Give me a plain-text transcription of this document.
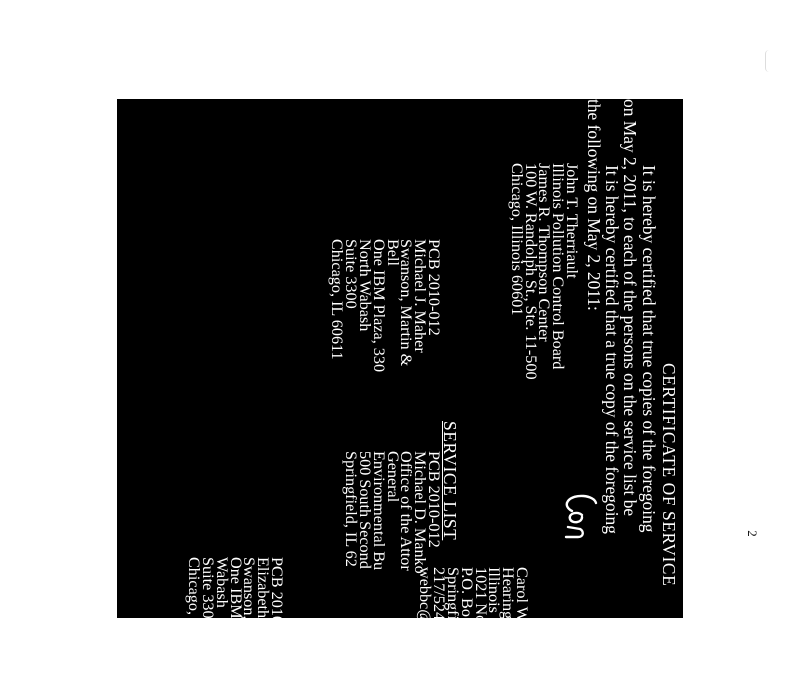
CERTIFICATE OF SERVICE
It is hereby certified that true copies of the foregoing
on May 2, 2011, to each of the persons on the service list be
It is hereby certified that a true copy of the foregoing
the following on May 2, 2011:
John T. Therriault
Illinois Pollution Control Board
James R. Thompson Center
100 W. Randolph St., Ste. 11-500
Chicago, Illinois 60601
SERVICE LIST
PCB 2010-012
Michael D. Manko
Office of the Attor
General
Environmental Bu
500 South Second
Springfield, IL 62
PCB 2010-012
Michael J. Maher
Swanson, Martin &
Bell
One IBM Plaza, 330
North Wabash
Suite 3300
Chicago, IL 60611
Carol W
Hearing
Illinois
1021 No
P.O. Bo
Springfi
217/524
webbc@
PCB 2010-012
Elizabeth S. Harve
Swanson, Martin &
One IBM Plaza, 33
Wabash
Suite 3300
Chicago, IL 60611
2
